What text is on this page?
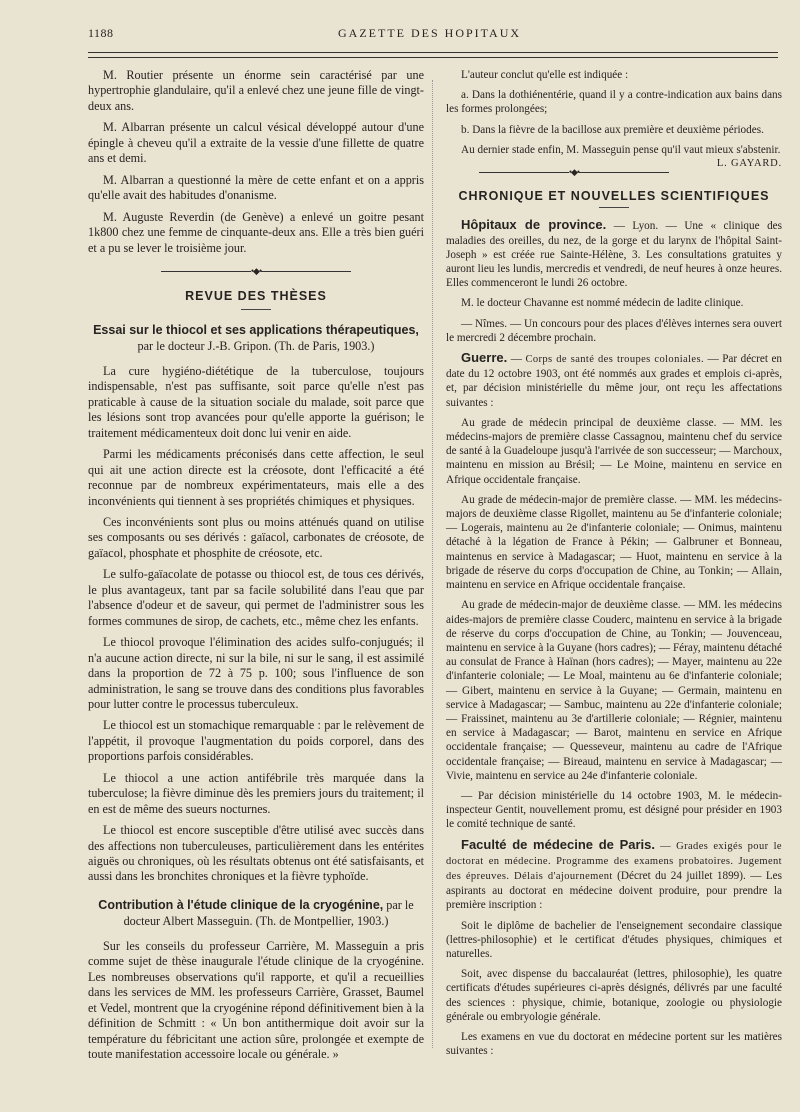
1188	GAZETTE DES HOPITAUX

M. Routier présente un énorme sein caractérisé par une hypertrophie glandulaire, qu'il a enlevé chez une jeune fille de vingt-deux ans.

M. Albarran présente un calcul vésical développé autour d'une épingle à cheveu qu'il a extraite de la vessie d'une fillette de quatre ans et demi.

M. Albarran a questionné la mère de cette enfant et on a appris qu'elle avait des habitudes d'onanisme.

M. Auguste Reverdin (de Genève) a enlevé un goitre pesant 1k800 chez une femme de cinquante-deux ans. Elle a très bien guéri et a pu se lever le troisième jour.

•◆•
REVUE DES THÈSES
Essai sur le thiocol et ses applications thérapeutiques, par le docteur J.-B. Gripon. (Th. de Paris, 1903.)

La cure hygiéno-diététique de la tuberculose, toujours indispensable, n'est pas suffisante, soit parce qu'elle n'est pas praticable à cause de la situation sociale du malade, soit parce que les lésions sont trop avancées pour qu'elle apporte la guérison; le traitement médicamenteux doit donc lui venir en aide.

Parmi les médicaments préconisés dans cette affection, le seul qui ait une action directe est la créosote, dont l'efficacité a été reconnue par de nombreux expérimentateurs, mais elle a des inconvénients qui tiennent à ses propriétés chimiques et physiques.

Ces inconvénients sont plus ou moins atténués quand on utilise ses composants ou ses dérivés : gaïacol, carbonates de créosote, de gaïacol, phosphate et phosphite de créosote, etc.

Le sulfo-gaïacolate de potasse ou thiocol est, de tous ces dérivés, le plus avantageux, tant par sa facile solubilité dans l'eau que par l'absence d'odeur et de saveur, qui permet de l'administrer sous les formes communes de sirop, de cachets, etc., même chez les enfants.

Le thiocol provoque l'élimination des acides sulfo-conjugués; il n'a aucune action directe, ni sur la bile, ni sur le sang, il est assimilé dans la proportion de 72 à 75 p. 100; sous l'influence de son administration, le sang se trouve dans des conditions plus favorables pour lutter contre le processus tuberculeux.

Le thiocol est un stomachique remarquable : par le relèvement de l'appétit, il provoque l'augmentation du poids corporel, dans des proportions parfois considérables.

Le thiocol a une action antifébrile très marquée dans la tuberculose; la fièvre diminue dès les premiers jours du traitement; il en est de même des sueurs nocturnes.

Le thiocol est encore susceptible d'être utilisé avec succès dans des affections non tuberculeuses, particulièrement dans les entérites aiguës ou chroniques, où les résultats obtenus ont été satisfaisants, et aussi dans les bronchites chroniques et la fièvre typhoïde.

Contribution à l'étude clinique de la cryogénine, par le docteur Albert Masseguin. (Th. de Montpellier, 1903.)

Sur les conseils du professeur Carrière, M. Masseguin a pris comme sujet de thèse inaugurale l'étude clinique de la cryogénine. Les nombreuses observations qu'il rapporte, et qu'il a recueillies dans les services de MM. les professeurs Carrière, Grasset, Baumel et Vedel, montrent que la cryogénine répond définitivement bien à la définition de Schmitt : « Un bon antithermique doit avoir sur la température du fébricitant une action sûre, prolongée et exempte de toute manifestation accessoire locale ou générale. »

L'auteur conclut qu'elle est indiquée :

a. Dans la dothiénentérie, quand il y a contre-indication aux bains dans les formes prolongées;

b. Dans la fièvre de la bacillose aux première et deuxième périodes.

Au dernier stade enfin, M. Masseguin pense qu'il vaut mieux s'abstenir.
L. GAYARD.

•◆•
CHRONIQUE ET NOUVELLES SCIENTIFIQUES

Hôpitaux de province. — Lyon. — Une « clinique des maladies des oreilles, du nez, de la gorge et du larynx de l'hôpital Saint-Joseph » est créée rue Sainte-Hélène, 3. Les consultations gratuites y auront lieu les lundis, mercredis et vendredi, de neuf heures à onze heures. Elles commenceront le lundi 26 octobre.

M. le docteur Chavanne est nommé médecin de ladite clinique.

— Nîmes. — Un concours pour des places d'élèves internes sera ouvert le mercredi 2 décembre prochain.

Guerre. — Corps de santé des troupes coloniales. — Par décret en date du 12 octobre 1903, ont été nommés aux grades et emplois ci-après, et, par décision ministérielle du même jour, ont reçu les affectations suivantes :

Au grade de médecin principal de deuxième classe. — MM. les médecins-majors de première classe Cassagnou, maintenu chef du service de santé à la Guadeloupe jusqu'à l'arrivée de son successeur; — Marchoux, maintenu en mission au Brésil; — Le Moine, maintenu en service en Afrique occidentale française.

Au grade de médecin-major de première classe. — MM. les médecins-majors de deuxième classe Rigollet, maintenu au 5e d'infanterie coloniale; — Logerais, maintenu au 2e d'infanterie coloniale; — Onimus, maintenu détaché à la légation de France à Pékin; — Galbruner et Bonneau, maintenus en service à Madagascar; — Huot, maintenu en service à la brigade de réserve du corps d'occupation de Chine, au Tonkin; — Allain, maintenu en service en Afrique occidentale française.

Au grade de médecin-major de deuxième classe. — MM. les médecins aides-majors de première classe Couderc, maintenu en service à la brigade de réserve du corps d'occupation de Chine, au Tonkin; — Jouvenceau, maintenu en service à la Guyane (hors cadres); — Féray, maintenu détaché au consulat de France à Haïnan (hors cadres); — Mayer, maintenu au 22e d'infanterie coloniale; — Le Moal, maintenu au 6e d'infanterie coloniale; — Gibert, maintenu en service à la Guyane; — Germain, maintenu en service à Madagascar; — Sambuc, maintenu au 22e d'infanterie coloniale; — Fraissinet, maintenu au 3e d'artillerie coloniale; — Régnier, maintenu en service à Madagascar; — Barot, maintenu en service en Afrique occidentale française; — Quesseveur, maintenu au cadre de l'Afrique occidentale française; — Bireaud, maintenu en service à Madagascar; — Vivie, maintenu en service au 24e d'infanterie coloniale.

— Par décision ministérielle du 14 octobre 1903, M. le médecin-inspecteur Gentit, nouvellement promu, est désigné pour présider en 1903 le comité technique de santé.

Faculté de médecine de Paris. — Grades exigés pour le doctorat en médecine. Programme des examens probatoires. Jugement des épreuves. Délais d'ajournement (Décret du 24 juillet 1899). — Les aspirants au doctorat en médecine doivent produire, pour prendre la première inscription :

Soit le diplôme de bachelier de l'enseignement secondaire classique (lettres-philosophie) et le certificat d'études physiques, chimiques et naturelles.

Soit, avec dispense du baccalauréat (lettres, philosophie), les quatre certificats d'études supérieures ci-après désignés, délivrés par une faculté des sciences : physique, chimie, botanique, zoologie ou physiologie générale ou embryologie générale.

Les examens en vue du doctorat en médecine portent sur les matières suivantes :
